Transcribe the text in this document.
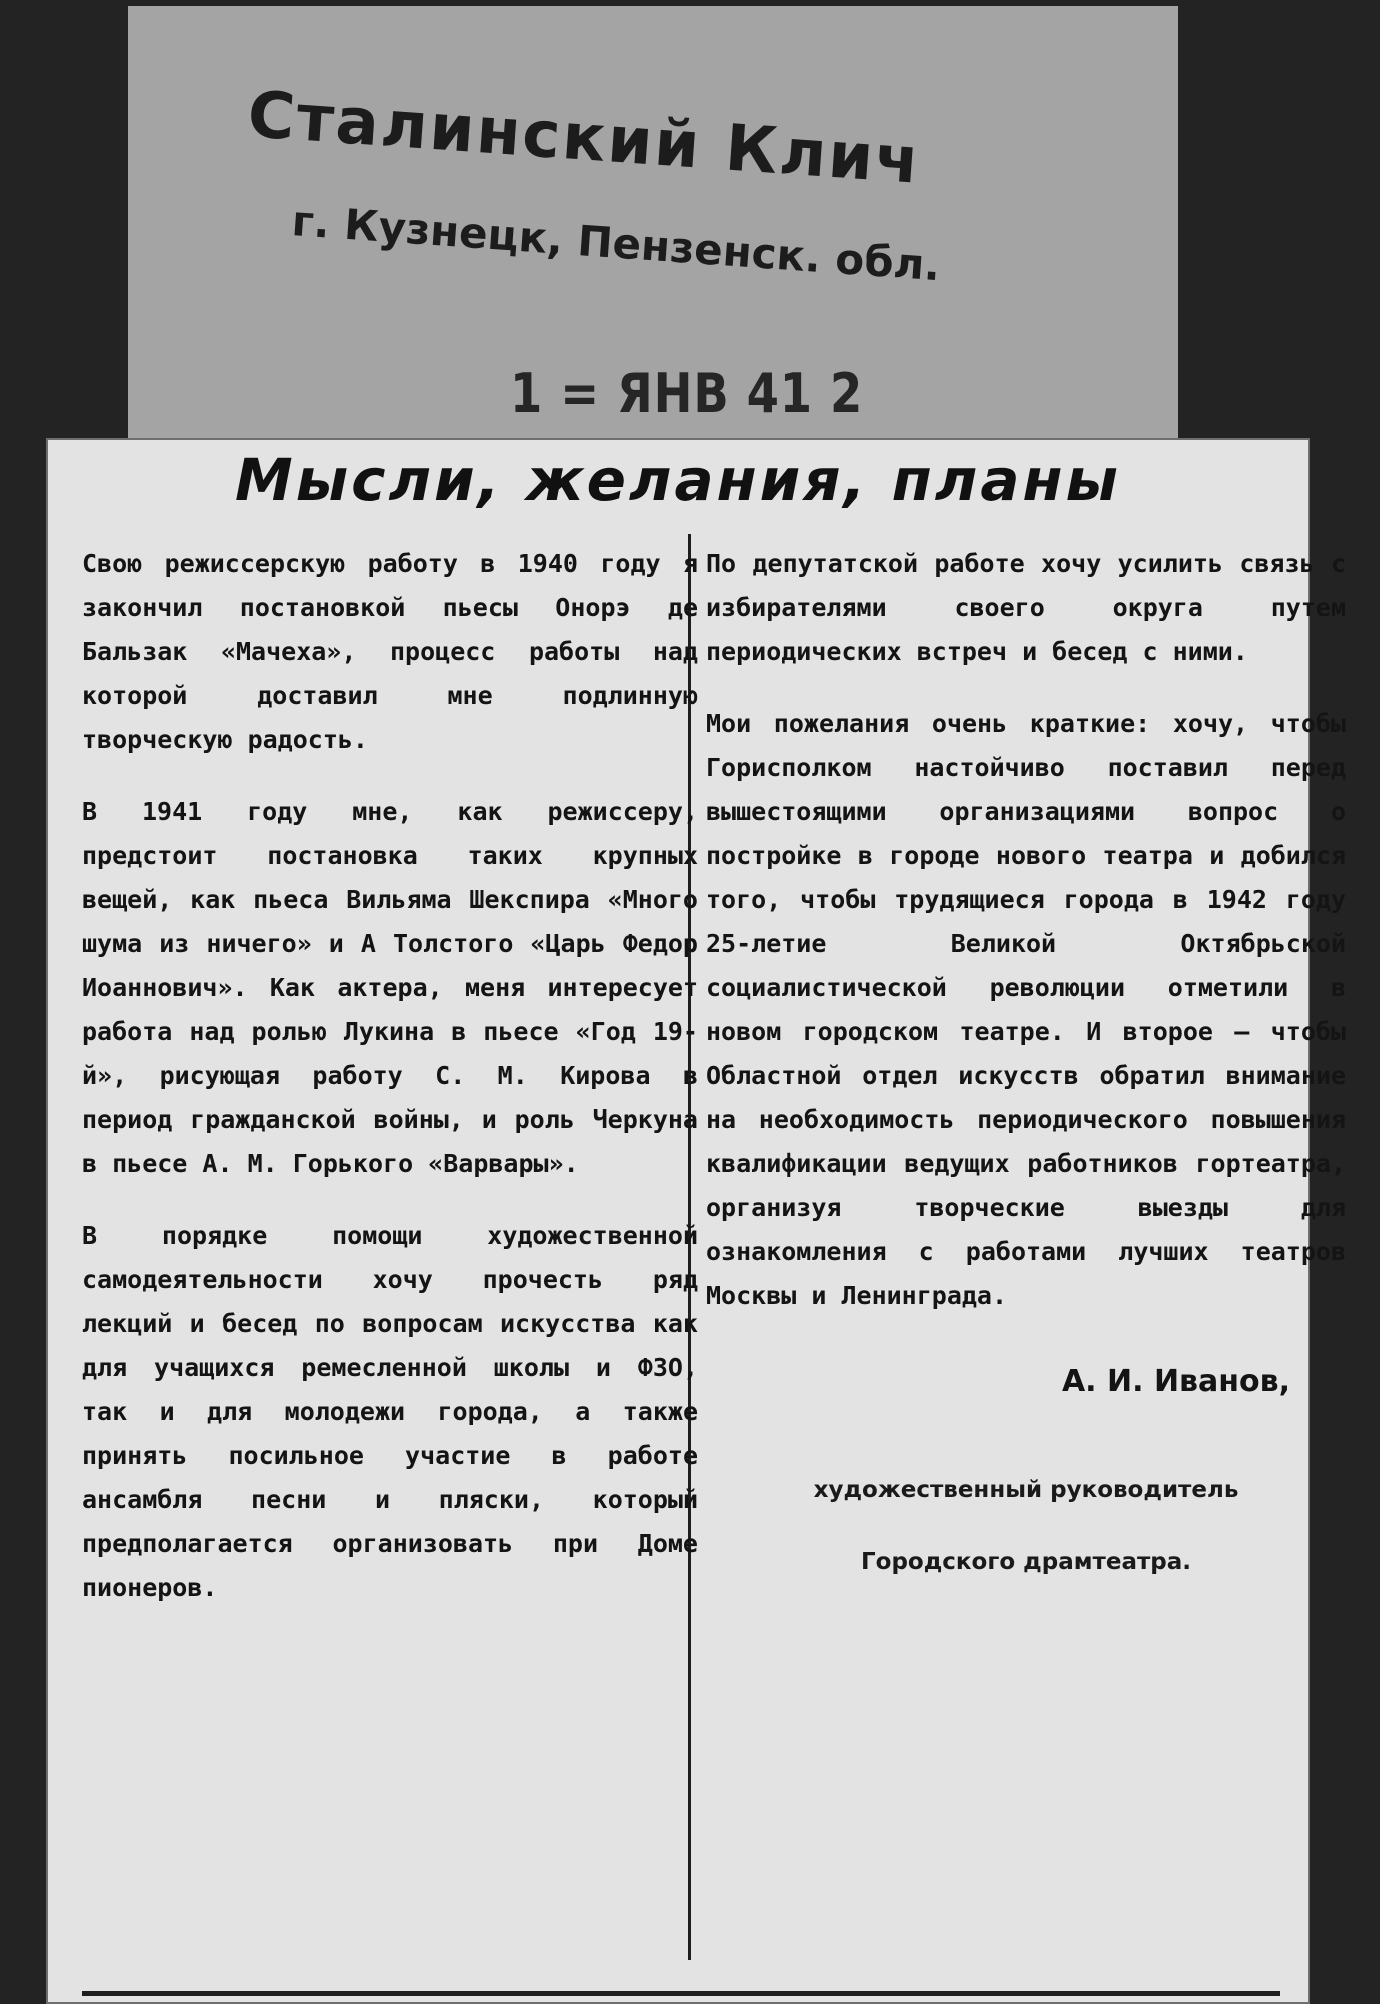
Сталинский Клич
г. Кузнецк, Пензенск. обл.
1 = ЯНВ 41 2
Мысли, желания, планы

Свою режиссерскую работу в 1940 году я закончил постановкой пьесы Онорэ де Бальзак «Мачеха», процесс работы над которой доставил мне подлинную творческую радость.

В 1941 году мне, как режиссеру, предстоит постановка таких крупных вещей, как пьеса Вильяма Шекспира «Много шума из ничего» и А Толстого «Царь Федор Иоаннович». Как актера, меня интересует работа над ролью Лукина в пьесе «Год 19-й», рисующая работу С. М. Кирова в период гражданской войны, и роль Черкуна в пьесе А. М. Горького «Варвары».

В порядке помощи художественной самодеятельности хочу прочесть ряд лекций и бесед по вопросам искусства как для учащихся ремесленной школы и ФЗО, так и для молодежи города, а также принять посильное участие в работе ансамбля песни и пляски, который предполагается организовать при Доме пионеров.

По депутатской работе хочу усилить связь с избирателями своего округа путем периодических встреч и бесед с ними.

Мои пожелания очень краткие: хочу, чтобы Горисполком настойчиво поставил перед вышестоящими организациями вопрос о постройке в городе нового театра и добился того, чтобы трудящиеся города в 1942 году 25-летие Великой Октябрьской социалистической революции отметили в новом городском театре. И второе — чтобы Областной отдел искусств обратил внимание на необходимость периодического повышения квалификации ведущих работников гортеатра, организуя творческие выезды для ознакомления с работами лучших театров Москвы и Ленинграда.

А. И. Иванов,
художественный руководитель
Городского драмтеатра.
